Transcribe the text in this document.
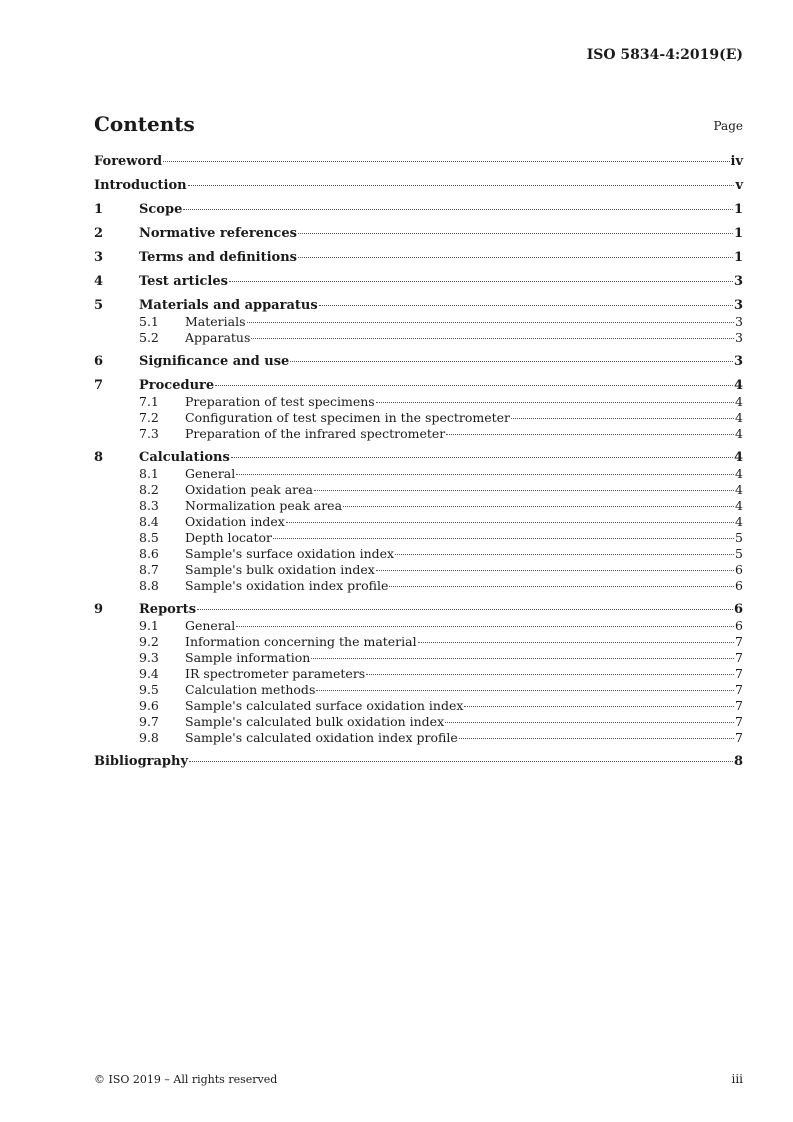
ISO 5834-4:2019(E)
Contents	Page
Foreword	iv
Introduction	v
1	Scope	1
2	Normative references	1
3	Terms and definitions	1
4	Test articles	3
5	Materials and apparatus	3
5.1	Materials	3
5.2	Apparatus	3
6	Significance and use	3
7	Procedure	4
7.1	Preparation of test specimens	4
7.2	Configuration of test specimen in the spectrometer	4
7.3	Preparation of the infrared spectrometer	4
8	Calculations	4
8.1	General	4
8.2	Oxidation peak area	4
8.3	Normalization peak area	4
8.4	Oxidation index	4
8.5	Depth locator	5
8.6	Sample's surface oxidation index	5
8.7	Sample's bulk oxidation index	6
8.8	Sample's oxidation index profile	6
9	Reports	6
9.1	General	6
9.2	Information concerning the material	7
9.3	Sample information	7
9.4	IR spectrometer parameters	7
9.5	Calculation methods	7
9.6	Sample's calculated surface oxidation index	7
9.7	Sample's calculated bulk oxidation index	7
9.8	Sample's calculated oxidation index profile	7
Bibliography	8
© ISO 2019 – All rights reserved	iii
